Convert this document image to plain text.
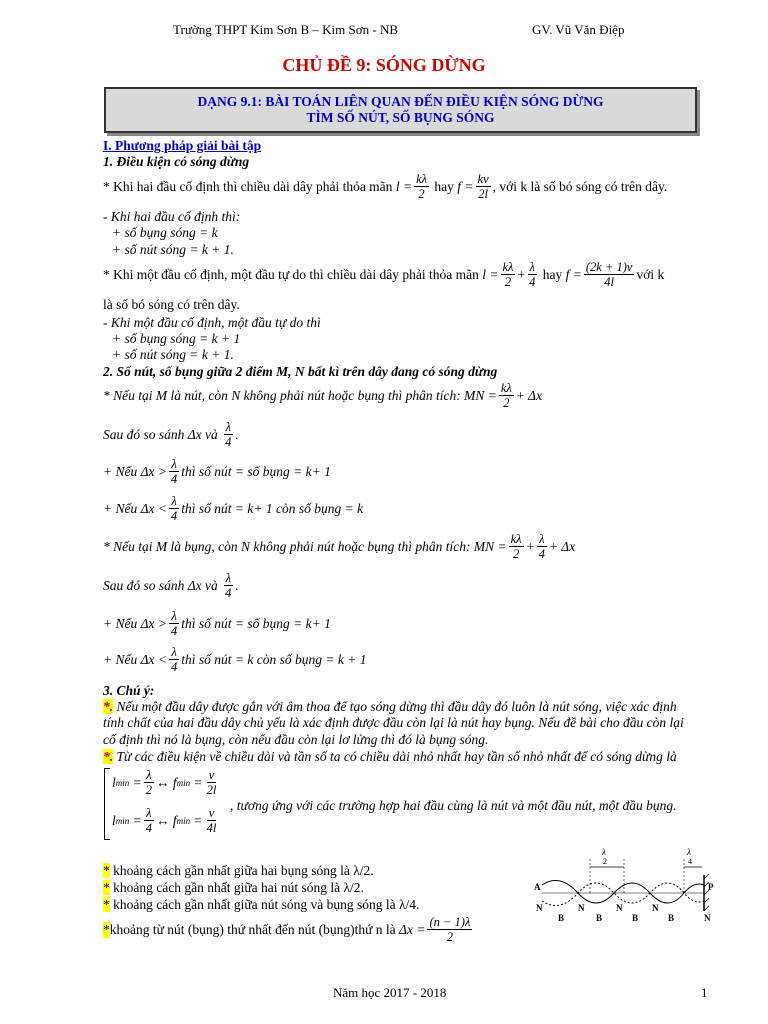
Trường THPT Kim Sơn B – Kim Sơn - NB	GV. Vũ Văn Điệp
CHỦ ĐỀ 9: SÓNG DỪNG
DẠNG 9.1: BÀI TOÁN LIÊN QUAN ĐẾN ĐIỀU KIỆN SÓNG DỪNG
TÌM SỐ NÚT, SỐ BỤNG SÓNG
I. Phương pháp giải bài tập
1. Điều kiện có sóng dừng
* Khi hai đầu cố định thì chiều dài dây phải thỏa mãn
$l = \frac{k\lambda}{2}$
hay
$f = \frac{kv}{2l}$ , với k là số bó sóng có trên dây.
- Khi hai đầu cố định thì:
+ số bụng sóng = k
+ số nút sóng = k + 1.
* Khi một đầu cố định, một đầu tự do thì chiều dài dây phải thỏa mãn
$l = \frac{k\lambda}{2} + \frac{\lambda}{4}$
hay
$f = \frac{(2k + 1)v}{4l}$ với k
là số bó sóng có trên dây.
- Khi một đầu cố định, một đầu tự do thì
+ số bụng sóng = k + 1
+ số nút sóng = k + 1.
2. Số nút, số bụng giữa 2 điểm M, N bất kì trên dây đang có sóng dừng
* Nếu tại M là nút, còn N không phải nút hoặc bụng thì phân tích:
MN = $\frac{k\lambda}{2} + \Delta x$
Sau đó so sánh Δx và
$\frac{\lambda}{4}$ .
+ Nếu $\Delta x > \frac{\lambda}{4}$ thì số nút = số bụng = k+ 1
+ Nếu $\Delta x < \frac{\lambda}{4}$ thì số nút = k+ 1 còn số bụng = k
* Nếu tại M là bụng, còn N không phải nút hoặc bụng thì phân tích:
MN = $\frac{k\lambda}{2} + \frac{\lambda}{4} + \Delta x$
Sau đó so sánh Δx và
$\frac{\lambda}{4}$ .
+ Nếu $\Delta x > \frac{\lambda}{4}$ thì số nút = số bụng = k+ 1
+ Nếu $\Delta x < \frac{\lambda}{4}$ thì số nút = k còn số bụng = k + 1
3. Chú ý:
*. Nếu một đầu dây được gắn với âm thoa để tạo sóng dừng thì đầu dây đó luôn là nút sóng, việc xác định
tính chất của hai đầu dây chủ yếu là xác định được đầu còn lại là nút hay bụng. Nếu đề bài cho đầu còn lại
cố định thì nó là bụng, còn nếu đầu còn lại lơ lửng thì đó là bụng sóng.
*. Từ các điều kiện về chiều dài và tần số ta có chiều dài nhỏ nhất hay tần số nhỏ nhất để có sóng dừng là
l min
= $\frac{\lambda}{2}$ ↔
f min
= $\frac{v}{2l}$
, tương ứng với các trường hợp hai đầu cùng là nút và một đầu nút, một đầu bụng.
l min
= $\frac{\lambda}{4}$ ↔
f min
= $\frac{v}{4l}$
* khoảng cách gần nhất giữa hai bụng sóng là λ/2.
* khoảng cách gần nhất giữa hai nút sóng là λ/2.
* khoảng cách gần nhất giữa nút sóng và bụng sóng là λ/4.
* khoảng từ nút (bụng) thứ nhất đến nút (bụng)thứ n là
$\Delta x = \frac{(n - 1)\lambda}{2}$
λ
2
λ
4
A	P
N
B
N
B
N
B
N
B	N
Năm học 2017 - 2018	1
